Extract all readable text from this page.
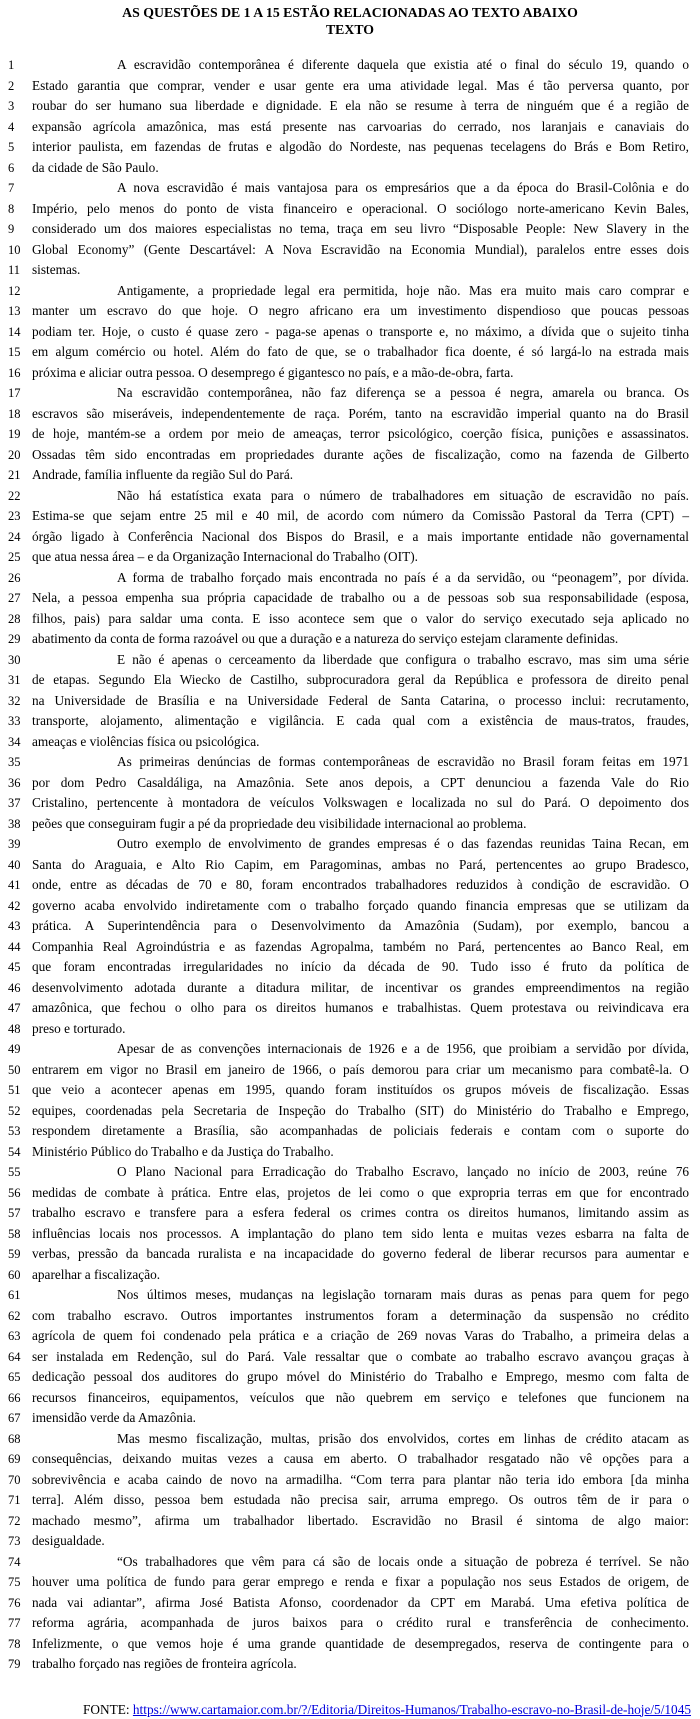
AS QUESTÕES DE 1 A 15 ESTÃO RELACIONADAS AO TEXTO ABAIXO
TEXTO
1	A escravidão contemporânea é diferente daquela que existia até o final do século 19, quando o
2	Estado garantia que comprar, vender e usar gente era uma atividade legal. Mas é tão perversa quanto, por
3	roubar do ser humano sua liberdade e dignidade. E ela não se resume à terra de ninguém que é a região de
4	expansão agrícola amazônica, mas está presente nas carvoarias do cerrado, nos laranjais e canaviais do
5	interior paulista, em fazendas de frutas e algodão do Nordeste, nas pequenas tecelagens do Brás e Bom Retiro,
6	da cidade de São Paulo.
7	A nova escravidão é mais vantajosa para os empresários que a da época do Brasil-Colônia e do
8	Império, pelo menos do ponto de vista financeiro e operacional. O sociólogo norte-americano Kevin Bales,
9	considerado um dos maiores especialistas no tema, traça em seu livro “Disposable People: New Slavery in the
10 Global Economy” (Gente Descartável: A Nova Escravidão na Economia Mundial), paralelos entre esses dois
11 sistemas.
12	Antigamente, a propriedade legal era permitida, hoje não. Mas era muito mais caro comprar e
13 manter um escravo do que hoje. O negro africano era um investimento dispendioso que poucas pessoas
14 podiam ter. Hoje, o custo é quase zero - paga-se apenas o transporte e, no máximo, a dívida que o sujeito tinha
15 em algum comércio ou hotel. Além do fato de que, se o trabalhador fica doente, é só largá-lo na estrada mais
16 próxima e aliciar outra pessoa. O desemprego é gigantesco no país, e a mão-de-obra, farta.
17	Na escravidão contemporânea, não faz diferença se a pessoa é negra, amarela ou branca. Os
18 escravos são miseráveis, independentemente de raça. Porém, tanto na escravidão imperial quanto na do Brasil
19 de hoje, mantém-se a ordem por meio de ameaças, terror psicológico, coerção física, punições e assassinatos.
20 Ossadas têm sido encontradas em propriedades durante ações de fiscalização, como na fazenda de Gilberto
21 Andrade, família influente da região Sul do Pará.
22	Não há estatística exata para o número de trabalhadores em situação de escravidão no país.
23 Estima-se que sejam entre 25 mil e 40 mil, de acordo com número da Comissão Pastoral da Terra (CPT) –
24 órgão ligado à Conferência Nacional dos Bispos do Brasil, e a mais importante entidade não governamental
25 que atua nessa área – e da Organização Internacional do Trabalho (OIT).
26	A forma de trabalho forçado mais encontrada no país é a da servidão, ou “peonagem”, por dívida.
27 Nela, a pessoa empenha sua própria capacidade de trabalho ou a de pessoas sob sua responsabilidade (esposa,
28 filhos, pais) para saldar uma conta. E isso acontece sem que o valor do serviço executado seja aplicado no
29 abatimento da conta de forma razoável ou que a duração e a natureza do serviço estejam claramente definidas.
30	E não é apenas o cerceamento da liberdade que configura o trabalho escravo, mas sim uma série
31 de etapas. Segundo Ela Wiecko de Castilho, subprocuradora geral da República e professora de direito penal
32 na Universidade de Brasília e na Universidade Federal de Santa Catarina, o processo inclui: recrutamento,
33 transporte, alojamento, alimentação e vigilância. E cada qual com a existência de maus-tratos, fraudes,
34 ameaças e violências física ou psicológica.
35	As primeiras denúncias de formas contemporâneas de escravidão no Brasil foram feitas em 1971
36 por dom Pedro Casaldáliga, na Amazônia. Sete anos depois, a CPT denunciou a fazenda Vale do Rio
37 Cristalino, pertencente à montadora de veículos Volkswagen e localizada no sul do Pará. O depoimento dos
38 peões que conseguiram fugir a pé da propriedade deu visibilidade internacional ao problema.
39	Outro exemplo de envolvimento de grandes empresas é o das fazendas reunidas Taina Recan, em
40 Santa do Araguaia, e Alto Rio Capim, em Paragominas, ambas no Pará, pertencentes ao grupo Bradesco,
41 onde, entre as décadas de 70 e 80, foram encontrados trabalhadores reduzidos à condição de escravidão. O
42 governo acaba envolvido indiretamente com o trabalho forçado quando financia empresas que se utilizam da
43 prática. A Superintendência para o Desenvolvimento da Amazônia (Sudam), por exemplo, bancou a
44 Companhia Real Agroindústria e as fazendas Agropalma, também no Pará, pertencentes ao Banco Real, em
45 que foram encontradas irregularidades no início da década de 90. Tudo isso é fruto da política de
46 desenvolvimento adotada durante a ditadura militar, de incentivar os grandes empreendimentos na região
47 amazônica, que fechou o olho para os direitos humanos e trabalhistas. Quem protestava ou reivindicava era
48 preso e torturado.
49	Apesar de as convenções internacionais de 1926 e a de 1956, que proibiam a servidão por dívida,
50 entrarem em vigor no Brasil em janeiro de 1966, o país demorou para criar um mecanismo para combatê-la. O
51 que veio a acontecer apenas em 1995, quando foram instituídos os grupos móveis de fiscalização. Essas
52 equipes, coordenadas pela Secretaria de Inspeção do Trabalho (SIT) do Ministério do Trabalho e Emprego,
53 respondem diretamente a Brasília, são acompanhadas de policiais federais e contam com o suporte do
54 Ministério Público do Trabalho e da Justiça do Trabalho.
55	O Plano Nacional para Erradicação do Trabalho Escravo, lançado no início de 2003, reúne 76
56 medidas de combate à prática. Entre elas, projetos de lei como o que expropria terras em que for encontrado
57 trabalho escravo e transfere para a esfera federal os crimes contra os direitos humanos, limitando assim as
58 influências locais nos processos. A implantação do plano tem sido lenta e muitas vezes esbarra na falta de
59 verbas, pressão da bancada ruralista e na incapacidade do governo federal de liberar recursos para aumentar e
60 aparelhar a fiscalização.
61	Nos últimos meses, mudanças na legislação tornaram mais duras as penas para quem for pego
62 com trabalho escravo. Outros importantes instrumentos foram a determinação da suspensão no crédito
63 agrícola de quem foi condenado pela prática e a criação de 269 novas Varas do Trabalho, a primeira delas a
64 ser instalada em Redenção, sul do Pará. Vale ressaltar que o combate ao trabalho escravo avançou graças à
65 dedicação pessoal dos auditores do grupo móvel do Ministério do Trabalho e Emprego, mesmo com falta de
66 recursos financeiros, equipamentos, veículos que não quebrem em serviço e telefones que funcionem na
67 imensidão verde da Amazônia.
68	Mas mesmo fiscalização, multas, prisão dos envolvidos, cortes em linhas de crédito atacam as
69 consequências, deixando muitas vezes a causa em aberto. O trabalhador resgatado não vê opções para a
70 sobrevivência e acaba caindo de novo na armadilha. “Com terra para plantar não teria ido embora [da minha
71 terra]. Além disso, pessoa bem estudada não precisa sair, arruma emprego. Os outros têm de ir para o
72 machado mesmo”, afirma um trabalhador libertado. Escravidão no Brasil é sintoma de algo maior:
73 desigualdade.
74	“Os trabalhadores que vêm para cá são de locais onde a situação de pobreza é terrível. Se não
75 houver uma política de fundo para gerar emprego e renda e fixar a população nos seus Estados de origem, de
76 nada vai adiantar”, afirma José Batista Afonso, coordenador da CPT em Marabá. Uma efetiva política de
77 reforma agrária, acompanhada de juros baixos para o crédito rural e transferência de conhecimento.
78 Infelizmente, o que vemos hoje é uma grande quantidade de desempregados, reserva de contingente para o
79 trabalho forçado nas regiões de fronteira agrícola.
FONTE: https://www.cartamaior.com.br/?/Editoria/Direitos-Humanos/Trabalho-escravo-no-Brasil-de-hoje/5/1045
